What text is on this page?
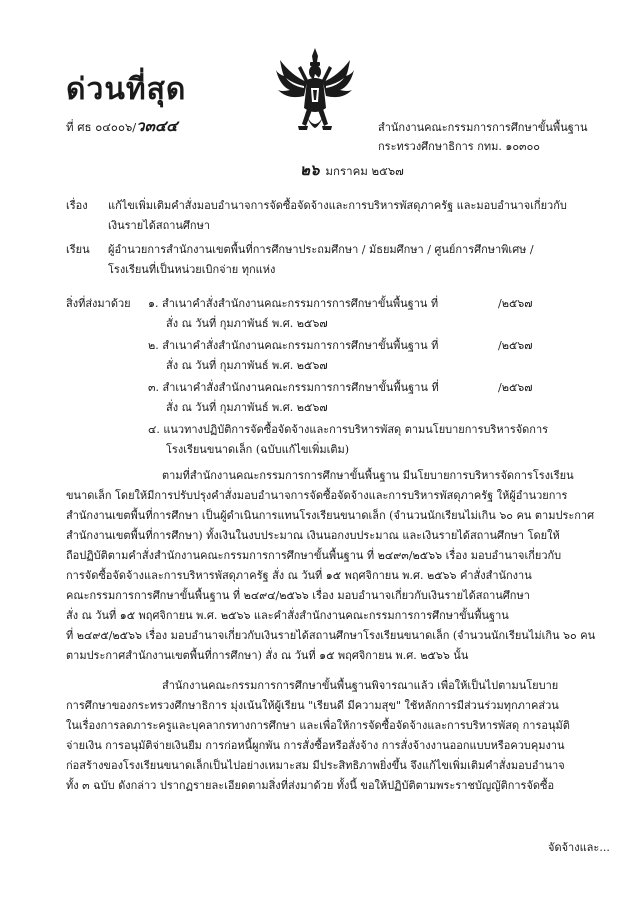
ด่วนที่สุด
ที่ ศธ ๐๔๐๐๖/ว๓๔๔	สำนักงานคณะกรรมการการศึกษาขั้นพื้นฐาน
กระทรวงศึกษาธิการ กทม. ๑๐๓๐๐
๒๖ มกราคม ๒๕๖๗
เรื่อง แก้ไขเพิ่มเติมคำสั่งมอบอำนาจการจัดซื้อจัดจ้างและการบริหารพัสดุภาครัฐ และมอบอำนาจเกี่ยวกับ
เงินรายได้สถานศึกษา
เรียน ผู้อำนวยการสำนักงานเขตพื้นที่การศึกษาประถมศึกษา / มัธยมศึกษา / ศูนย์การศึกษาพิเศษ /
โรงเรียนที่เป็นหน่วยเบิกจ่าย ทุกแห่ง
สิ่งที่ส่งมาด้วย ๑. สำเนาคำสั่งสำนักงานคณะกรรมการการศึกษาขั้นพื้นฐาน ที่	/๒๕๖๗
สั่ง ณ วันที่ กุมภาพันธ์ พ.ศ. ๒๕๖๗
๒. สำเนาคำสั่งสำนักงานคณะกรรมการการศึกษาขั้นพื้นฐาน ที่	/๒๕๖๗
สั่ง ณ วันที่ กุมภาพันธ์ พ.ศ. ๒๕๖๗
๓. สำเนาคำสั่งสำนักงานคณะกรรมการการศึกษาขั้นพื้นฐาน ที่	/๒๕๖๗
สั่ง ณ วันที่ กุมภาพันธ์ พ.ศ. ๒๕๖๗
๔. แนวทางปฏิบัติการจัดซื้อจัดจ้างและการบริหารพัสดุ ตามนโยบายการบริหารจัดการ
โรงเรียนขนาดเล็ก (ฉบับแก้ไขเพิ่มเติม)
ตามที่สำนักงานคณะกรรมการการศึกษาขั้นพื้นฐาน มีนโยบายการบริหารจัดการโรงเรียน
ขนาดเล็ก โดยให้มีการปรับปรุงคำสั่งมอบอำนาจการจัดซื้อจัดจ้างและการบริหารพัสดุภาครัฐ ให้ผู้อำนวยการ
สำนักงานเขตพื้นที่การศึกษา เป็นผู้ดำเนินการแทนโรงเรียนขนาดเล็ก (จำนวนนักเรียนไม่เกิน ๖๐ คน ตามประกาศ
สำนักงานเขตพื้นที่การศึกษา) ทั้งเงินในงบประมาณ เงินนอกงบประมาณ และเงินรายได้สถานศึกษา โดยให้
ถือปฏิบัติตามคำสั่งสำนักงานคณะกรรมการการศึกษาขั้นพื้นฐาน ที่ ๒๔๙๓/๒๕๖๖ เรื่อง มอบอำนาจเกี่ยวกับ
การจัดซื้อจัดจ้างและการบริหารพัสดุภาครัฐ สั่ง ณ วันที่ ๑๕ พฤศจิกายน พ.ศ. ๒๕๖๖ คำสั่งสำนักงาน
คณะกรรมการการศึกษาขั้นพื้นฐาน ที่ ๒๔๙๔/๒๕๖๖ เรื่อง มอบอำนาจเกี่ยวกับเงินรายได้สถานศึกษา
สั่ง ณ วันที่ ๑๕ พฤศจิกายน พ.ศ. ๒๕๖๖ และคำสั่งสำนักงานคณะกรรมการการศึกษาขั้นพื้นฐาน
ที่ ๒๔๙๕/๒๕๖๖ เรื่อง มอบอำนาจเกี่ยวกับเงินรายได้สถานศึกษาโรงเรียนขนาดเล็ก (จำนวนนักเรียนไม่เกิน ๖๐ คน
ตามประกาศสำนักงานเขตพื้นที่การศึกษา) สั่ง ณ วันที่ ๑๕ พฤศจิกายน พ.ศ. ๒๕๖๖ นั้น
สำนักงานคณะกรรมการการศึกษาขั้นพื้นฐานพิจารณาแล้ว เพื่อให้เป็นไปตามนโยบาย
การศึกษาของกระทรวงศึกษาธิการ มุ่งเน้นให้ผู้เรียน "เรียนดี มีความสุข" ใช้หลักการมีส่วนร่วมทุกภาคส่วน
ในเรื่องการลดภาระครูและบุคลากรทางการศึกษา และเพื่อให้การจัดซื้อจัดจ้างและการบริหารพัสดุ การอนุมัติ
จ่ายเงิน การอนุมัติจ่ายเงินยืม การก่อหนี้ผูกพัน การสั่งซื้อหรือสั่งจ้าง การสั่งจ้างงานออกแบบหรือควบคุมงาน
ก่อสร้างของโรงเรียนขนาดเล็กเป็นไปอย่างเหมาะสม มีประสิทธิภาพยิ่งขึ้น จึงแก้ไขเพิ่มเติมคำสั่งมอบอำนาจ
ทั้ง ๓ ฉบับ ดังกล่าว ปรากฏรายละเอียดตามสิ่งที่ส่งมาด้วย ทั้งนี้ ขอให้ปฏิบัติตามพระราชบัญญัติการจัดซื้อ
จัดจ้างและ...
